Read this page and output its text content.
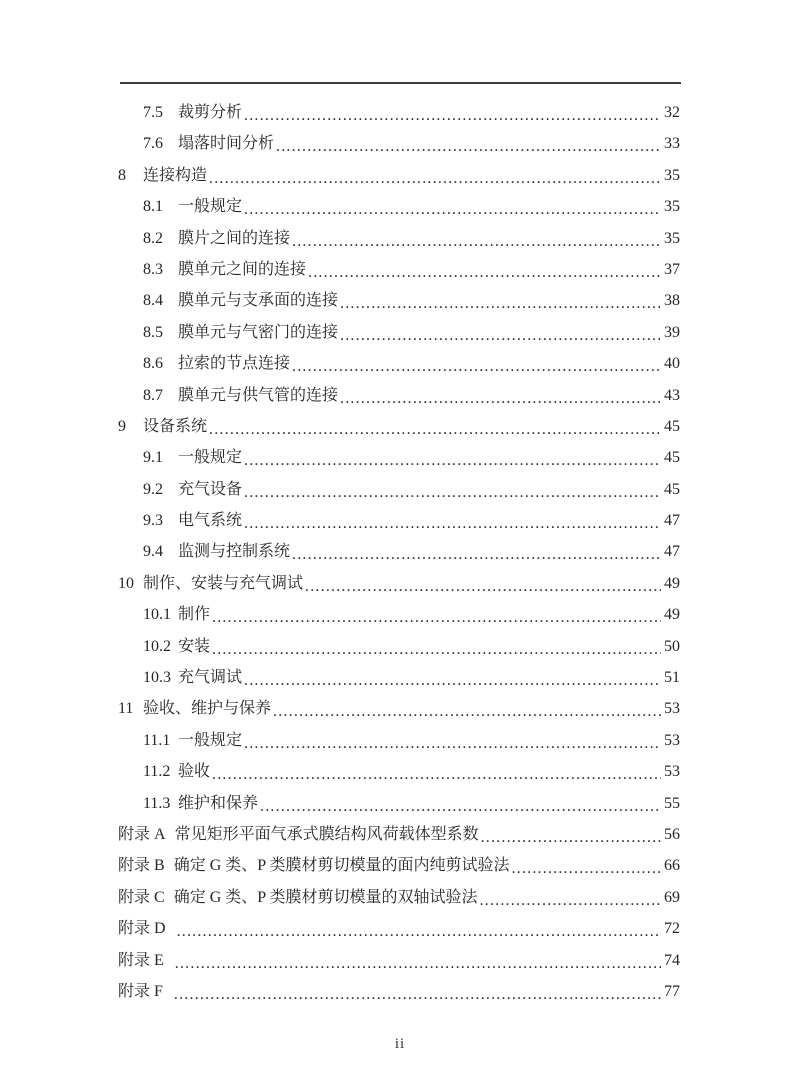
7.5 裁剪分析 .....	32
7.6 塌落时间分析 .....	33
8	连接构造 .....	35
8.1 一般规定 .....	35
8.2 膜片之间的连接 .....	35
8.3 膜单元之间的连接 .....	37
8.4 膜单元与支承面的连接 .....	38
8.5 膜单元与气密门的连接 .....	39
8.6 拉索的节点连接 .....	40
8.7 膜单元与供气管的连接 .....	43
9	设备系统 .....	45
9.1 一般规定 .....	45
9.2 充气设备 .....	45
9.3 电气系统 .....	47
9.4 监测与控制系统 .....	47
10 制作、安装与充气调试 .....	49
10.1 制作 .....	49
10.2 安装 .....	50
10.3 充气调试 .....	51
11 验收、维护与保养 .....	53
11.1 一般规定 .....	53
11.2 验收 .....	53
11.3 维护和保养 .....	55
附录 A 常见矩形平面气承式膜结构风荷载体型系数 .....	56
附录 B 确定 G 类、P 类膜材剪切模量的面内纯剪试验法 .....	66
附录 C 确定 G 类、P 类膜材剪切模量的双轴试验法 .....	69
附录 D .....	72
附录 E .....	74
附录 F .....	77
ii
